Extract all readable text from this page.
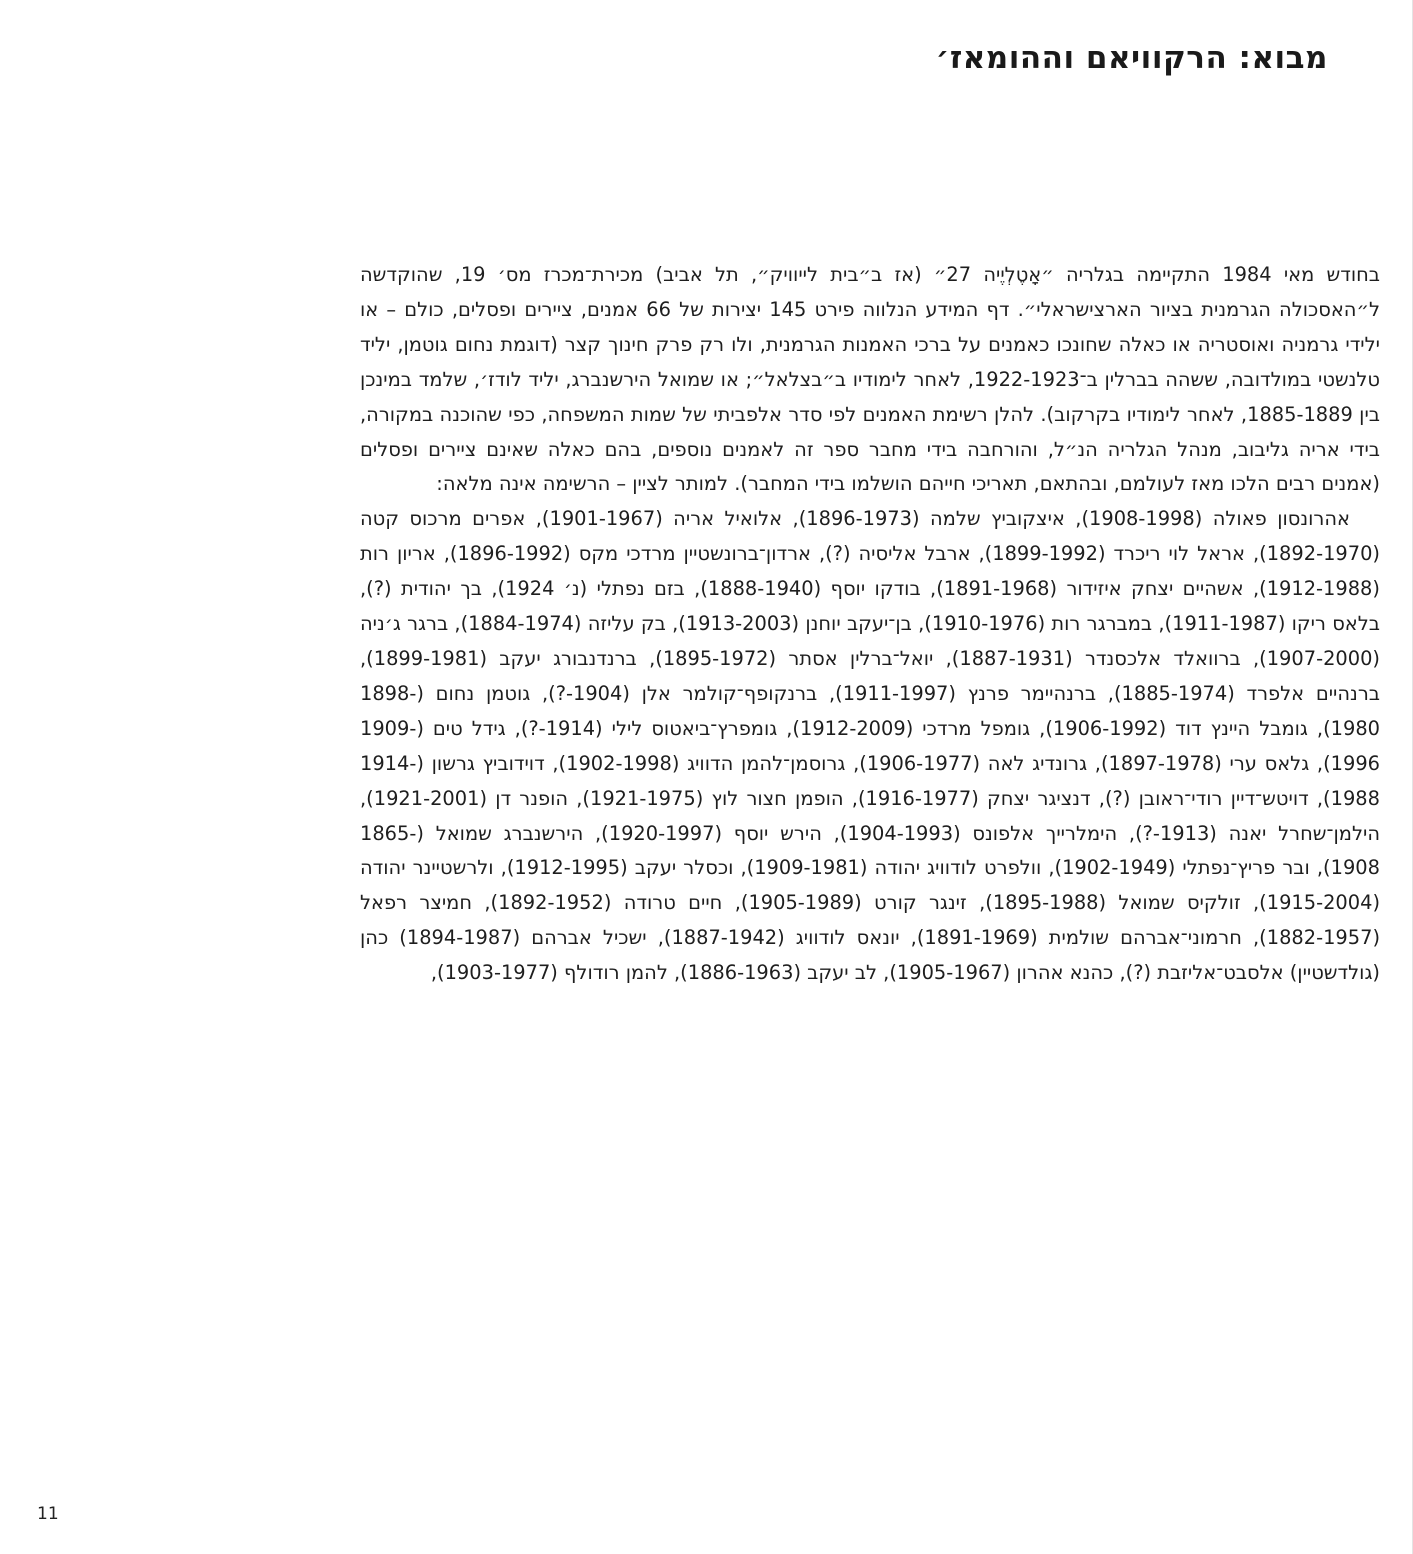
מבוא: הרקוויאם וההומאז׳

בחודש מאי 1984 התקיימה בגלריה ״אָטֶלְיֶיה 27״ (אז ב״בית לייוויק״, תל אביב) מכירת־מכרז מס׳ 19, שהוקדשה ל״האסכולה הגרמנית בציור הארצישראלי״. דף המידע הנלווה פירט 145 יצירות של 66 אמנים, ציירים ופסלים, כולם – או ילידי גרמניה ואוסטריה או כאלה שחונכו כאמנים על ברכי האמנות הגרמנית, ולו רק פרק חינוך קצר (דוגמת נחום גוטמן, יליד טלנשטי במולדובה, ששהה בברלין ב־1922-1923, לאחר לימודיו ב״בצלאל״; או שמואל הירשנברג, יליד לודז׳, שלמד במינכן בין 1885-1889, לאחר לימודיו בקרקוב). להלן רשימת האמנים לפי סדר אלפביתי של שמות המשפחה, כפי שהוכנה במקורה, בידי אריה גליבוב, מנהל הגלריה הנ״ל, והורחבה בידי מחבר ספר זה לאמנים נוספים, בהם כאלה שאינם ציירים ופסלים (אמנים רבים הלכו מאז לעולמם, ובהתאם, תאריכי חייהם הושלמו בידי המחבר). למותר לציין – הרשימה אינה מלאה:

אהרונסון פאולה (1908-1998), איצקוביץ שלמה (1896-1973), אלואיל אריה (1901-1967), אפרים מרכוס קטה (1892-1970), אראל לוי ריכרד (1899-1992), ארבל אליסיה (?), ארדון־ברונשטיין מרדכי מקס (1896-1992), אריון רות (1912-1988), אשהיים יצחק איזידור (1891-1968), בודקו יוסף (1888-1940), בזם נפתלי (נ׳ 1924), בך יהודית (?), בלאס ריקו (1911-1987), במברגר רות (1910-1976), בן־יעקב יוחנן (1913-2003), בק עליזה (1884-1974), ברגר ג׳ניה (1907-2000), ברוואלד אלכסנדר (1887-1931), יואל־ברלין אסתר (1895-1972), ברנדנבורג יעקב (1899-1981), ברנהיים אלפרד (1885-1974), ברנהיימר פרנץ (1911-1997), ברנקופף־קולמר אלן (1904-?), גוטמן נחום (1898-1980), גומבל היינץ דוד (1906-1992), גומפל מרדכי (1912-2009), גומפרץ־ביאטוס לילי (1914-?), גידל טים (1909-1996), גלאס ערי (1897-1978), גרונדיג לאה (1906-1977), גרוסמן־להמן הדוויג (1902-1998), דוידוביץ גרשון (1914-1988), דויטש־דיין רודי־ראובן (?), דנציגר יצחק (1916-1977), הופמן חצור לוץ (1921-1975), הופנר דן (1921-2001), הילמן־שחרל יאנה (1913-?), הימלרייך אלפונס (1904-1993), הירש יוסף (1920-1997), הירשנברג שמואל (1865-1908), ובר פריץ־נפתלי (1902-1949), וולפרט לודוויג יהודה (1909-1981), וכסלר יעקב (1912-1995), ולרשטיינר יהודה (1915-2004), זולקיס שמואל (1895-1988), זינגר קורט (1905-1989), חיים טרודה (1892-1952), חמיצר רפאל (1882-1957), חרמוני־אברהם שולמית (1891-1969), יונאס לודוויג (1887-1942), ישכיל אברהם (1894-1987) כהן (גולדשטיין) אלסבט־אליזבת (?), כהנא אהרון (1905-1967), לב יעקב (1886-1963), להמן רודולף (1903-1977),

11
